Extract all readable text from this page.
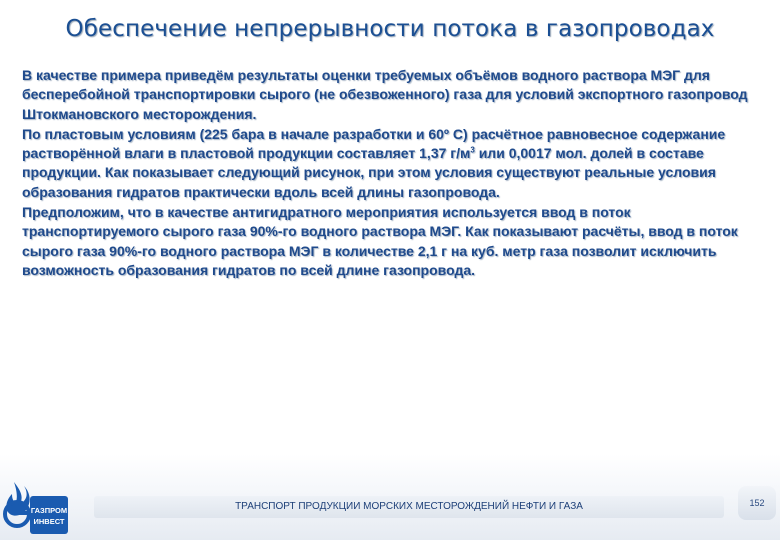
Обеспечение непрерывности потока в газопроводах

В качестве примера приведём результаты оценки требуемых объёмов водного раствора МЭГ для бесперебойной транспортировки сырого (не обезвоженного) газа для условий экспортного газопровод Штокмановского месторождения.

По пластовым условиям (225 бара в начале разработки и 60º С) расчётное равновесное содержание растворённой влаги в пластовой продукции составляет 1,37 $г/м^3$ или 0,0017 мол. долей в составе продукции. Как показывает следующий рисунок, при этом условия существуют реальные условия образования гидратов практически вдоль всей длины газопровода.

Предположим, что в качестве антигидратного мероприятия используется ввод в поток транспортируемого сырого газа 90%-го водного раствора МЭГ. Как показывают расчёты, ввод в поток сырого газа 90%-го водного раствора МЭГ в количестве 2,1 г на куб. метр газа позволит исключить возможность образования гидратов по всей длине газопровода.

ГАЗПРОМ
ИНВЕСТ
ТРАНСПОРТ ПРОДУКЦИИ МОРСКИХ МЕСТОРОЖДЕНИЙ НЕФТИ И ГАЗА	152
